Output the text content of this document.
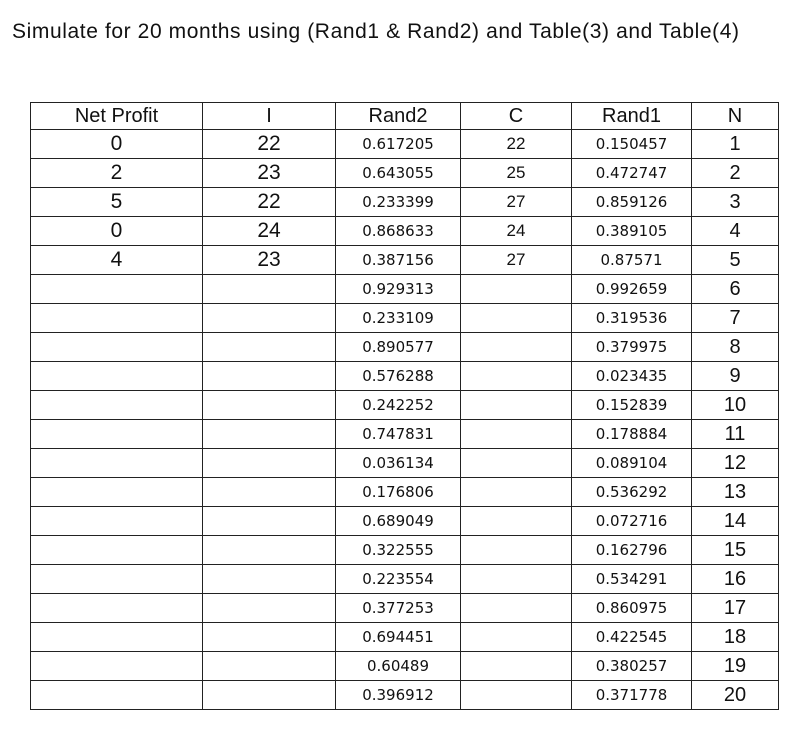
Simulate for 20 months using (Rand1 & Rand2) and Table(3) and Table(4)

Net Profit	I	Rand2	C	Rand1	N
0	22	0.617205	22	0.150457	1
2	23	0.643055	25	0.472747	2
5	22	0.233399	27	0.859126	3
0	24	0.868633	24	0.389105	4
4	23	0.387156	27	0.87571	5
		0.929313		0.992659	6
		0.233109		0.319536	7
		0.890577		0.379975	8
		0.576288		0.023435	9
		0.242252		0.152839	10
		0.747831		0.178884	11
		0.036134		0.089104	12
		0.176806		0.536292	13
		0.689049		0.072716	14
		0.322555		0.162796	15
		0.223554		0.534291	16
		0.377253		0.860975	17
		0.694451		0.422545	18
		0.60489		0.380257	19
		0.396912		0.371778	20
